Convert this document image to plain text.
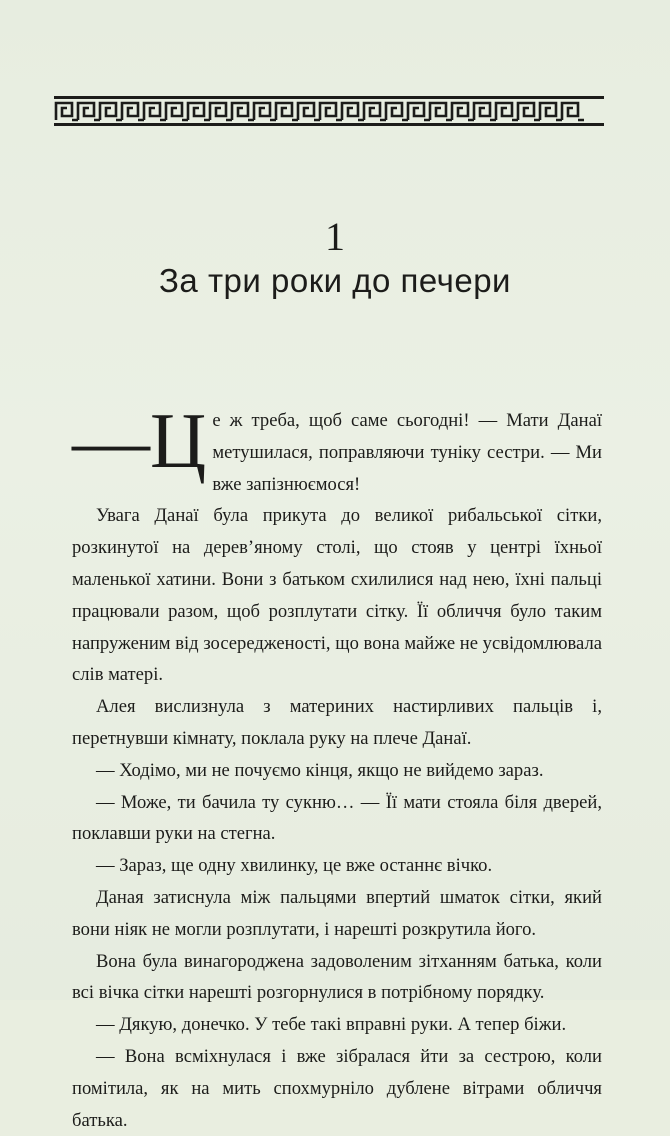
1
За три роки до печери

—Ц е ж треба, щоб саме сьогодні! — Мати Данаї метушилася, поправляючи туніку сестри. — Ми вже запізнюємося!

Увага Данаї була прикута до великої рибальської сітки, розкинутої на дерев’яному столі, що стояв у центрі їхньої маленької хатини. Вони з батьком схилилися над нею, їхні пальці працювали разом, щоб розплутати сітку. Її обличчя було таким напруженим від зосередженості, що вона майже не усвідомлювала слів матері.

Алея вислизнула з материних настирливих пальців і, перетнувши кімнату, поклала руку на плече Данаї.

— Ходімо, ми не почуємо кінця, якщо не вийдемо зараз.

— Може, ти бачила ту сукню… — Її мати стояла біля дверей, поклавши руки на стегна.

— Зараз, ще одну хвилинку, це вже останнє вічко.

Даная затиснула між пальцями впертий шматок сітки, який вони ніяк не могли розплутати, і нарешті розкрутила його.

Вона була винагороджена задоволеним зітханням батька, коли всі вічка сітки нарешті розгорнулися в потрібному порядку.

— Дякую, донечко. У тебе такі вправні руки. А тепер біжи.

— Вона всміхнулася і вже зібралася йти за сестрою, коли помітила, як на мить спохмурніло дублене вітрами обличчя батька.
